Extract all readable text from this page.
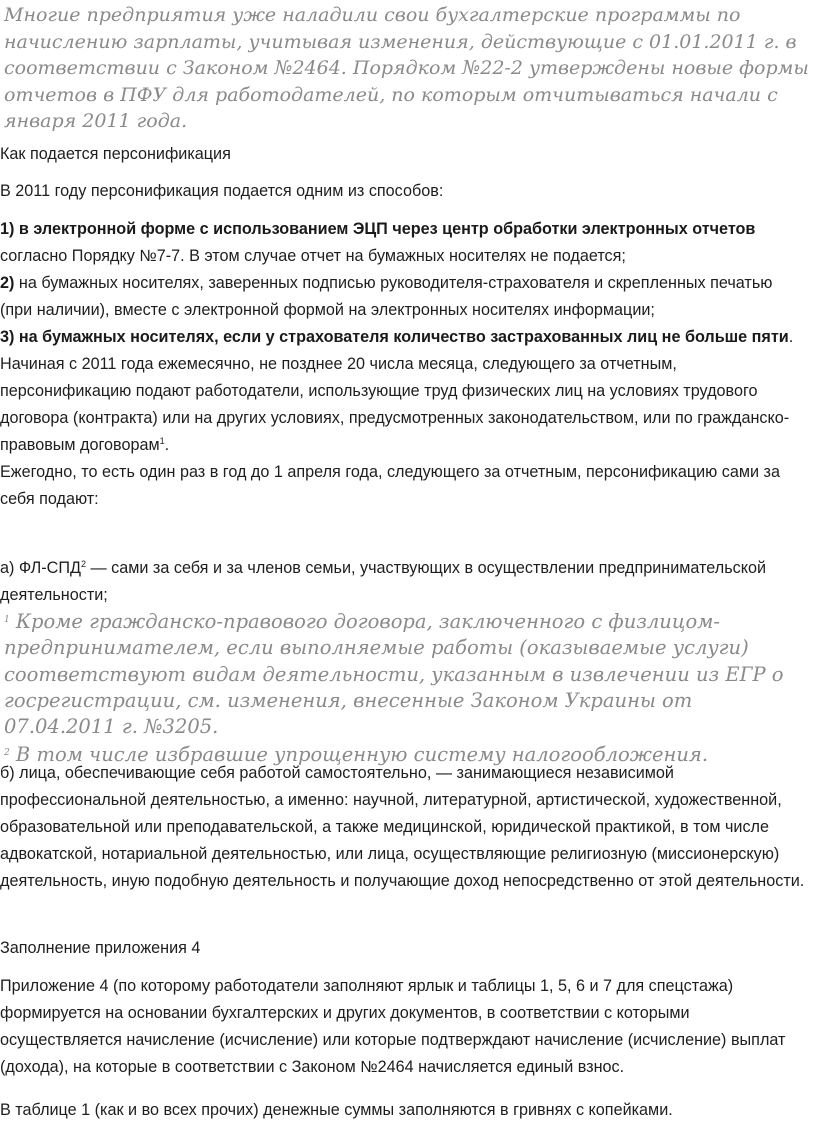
Многие предприятия уже наладили свои бухгалтерские программы по начислению зарплаты, учитывая изменения, действующие с 01.01.2011 г. в соответствии с Законом №2464. Порядком №22-2 утверждены новые формы отчетов в ПФУ для работодателей, по которым отчитываться начали с января 2011 года.

Как подается персонификация

В 2011 году персонификация подается одним из способов:

1) в электронной форме с использованием ЭЦП через центр обработки электронных отчетов согласно Порядку №7-7. В этом случае отчет на бумажных носителях не подается;

2) на бумажных носителях, заверенных подписью руководителя-страхователя и скрепленных печатью (при наличии), вместе с электронной формой на электронных носителях информации;

3) на бумажных носителях, если у страхователя количество застрахованных лиц не больше пяти.

Начиная с 2011 года ежемесячно, не позднее 20 числа месяца, следующего за отчетным, персонификацию подают работодатели, использующие труд физических лиц на условиях трудового договора (контракта) или на других условиях, предусмотренных законодательством, или по гражданско-правовым договорам$^1$.

Ежегодно, то есть один раз в год до 1 апреля года, следующего за отчетным, персонификацию сами за себя подают:

а) ФЛ-СПД$^2$ — сами за себя и за членов семьи, участвующих в осуществлении предпринимательской деятельности;

$^1$ Кроме гражданско-правового договора, заключенного с физлицом-предпринимателем, если выполняемые работы (оказываемые услуги) соответствуют видам деятельности, указанным в извлечении из ЕГР о госрегистрации, см. изменения, внесенные Законом Украины от 07.04.2011 г. №3205.

$^2$ В том числе избравшие упрощенную систему налогообложения.

б) лица, обеспечивающие себя работой самостоятельно, — занимающиеся независимой профессиональной деятельностью, а именно: научной, литературной, артистической, художественной, образовательной или преподавательской, а также медицинской, юридической практикой, в том числе адвокатской, нотариальной деятельностью, или лица, осуществляющие религиозную (миссионерскую) деятельность, иную подобную деятельность и получающие доход непосредственно от этой деятельности.

Заполнение приложения 4

Приложение 4 (по которому работодатели заполняют ярлык и таблицы 1, 5, 6 и 7 для спецстажа) формируется на основании бухгалтерских и других документов, в соответствии с которыми осуществляется начисление (исчисление) или которые подтверждают начисление (исчисление) выплат (дохода), на которые в соответствии с Законом №2464 начисляется единый взнос.

В таблице 1 (как и во всех прочих) денежные суммы заполняются в гривнях с копейками.
